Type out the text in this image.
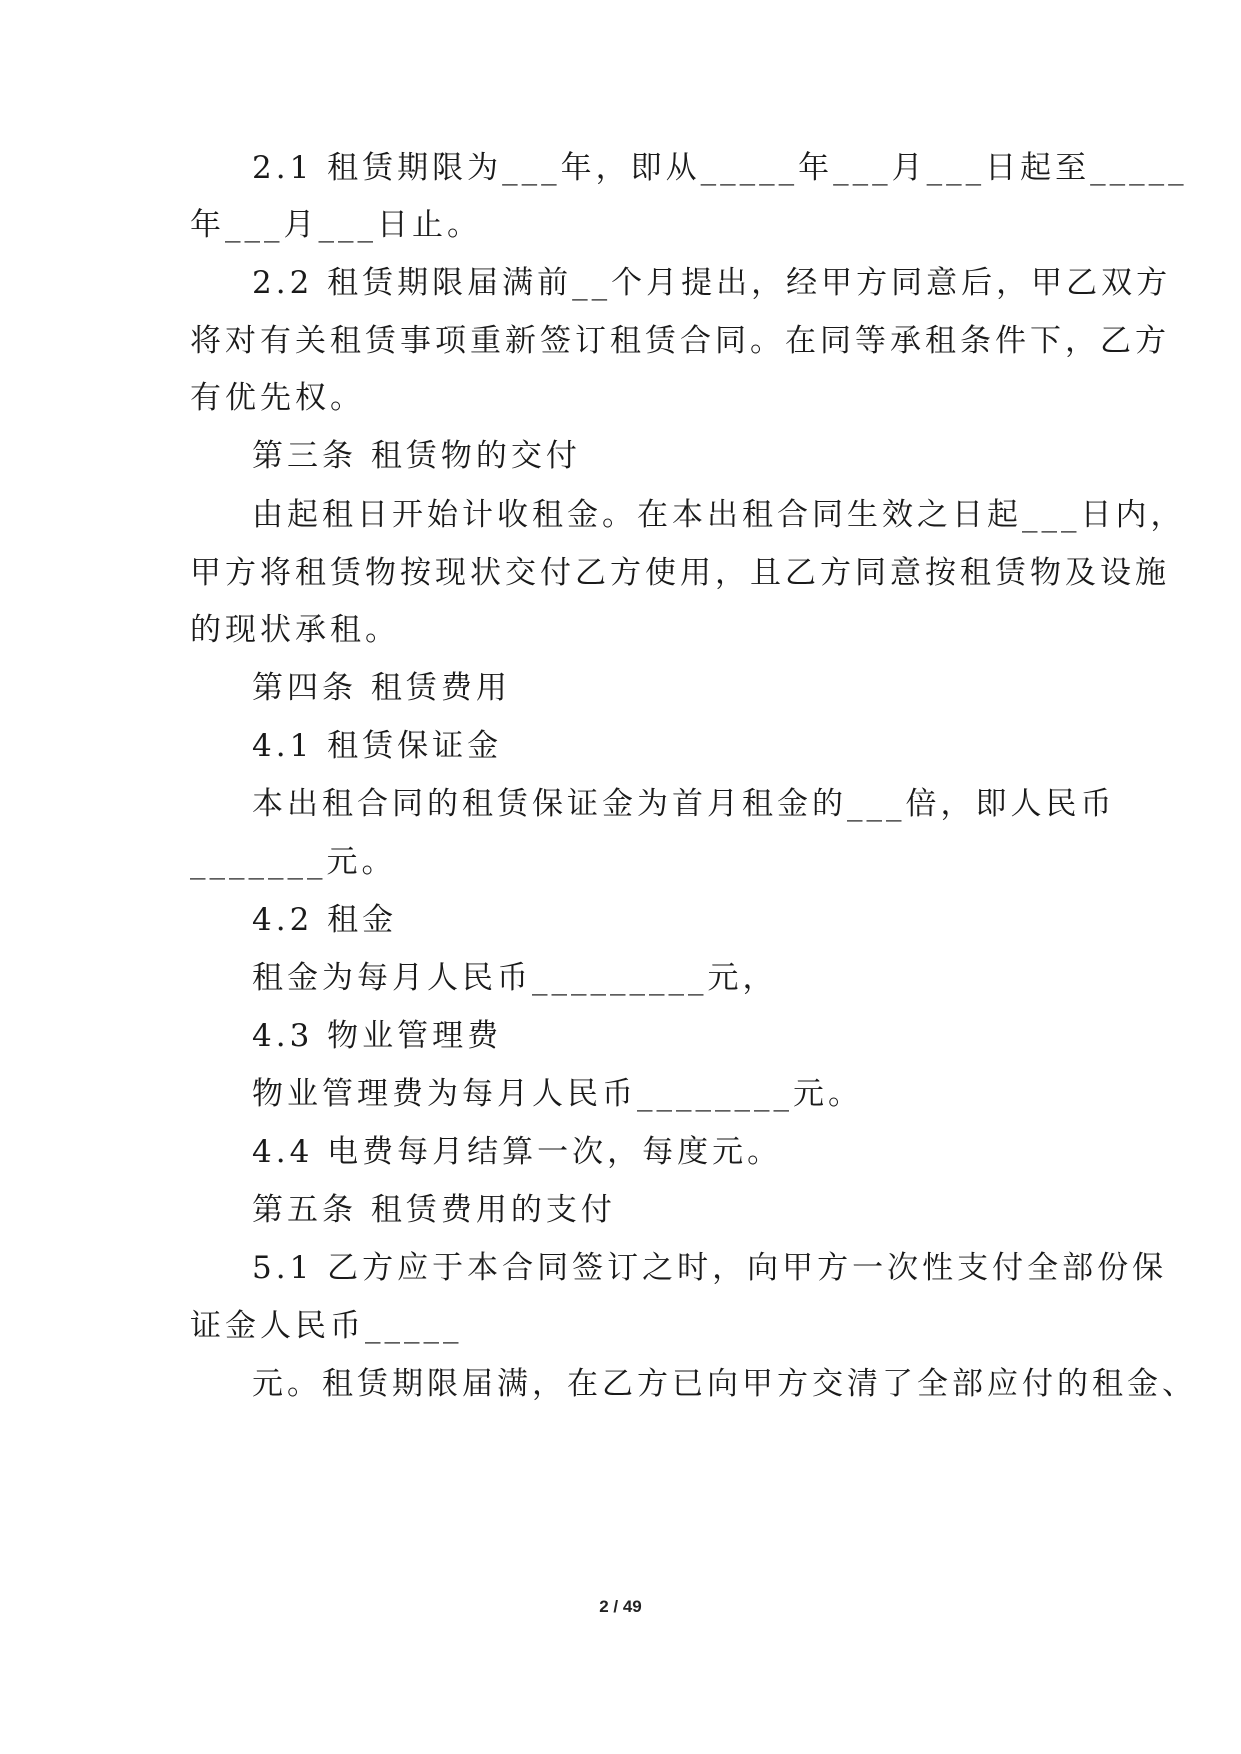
2.1 租赁期限为___年，即从_____年___月___日起至_____
年___月___日止。
2.2 租赁期限届满前__个月提出，经甲方同意后，甲乙双方
将对有关租赁事项重新签订租赁合同。在同等承租条件下，乙方
有优先权。
第三条 租赁物的交付
由起租日开始计收租金。在本出租合同生效之日起___日内，
甲方将租赁物按现状交付乙方使用，且乙方同意按租赁物及设施
的现状承租。
第四条 租赁费用
4.1 租赁保证金
本出租合同的租赁保证金为首月租金的___倍，即人民币
_______元。
4.2 租金
租金为每月人民币_________元，
4.3 物业管理费
物业管理费为每月人民币________元。
4.4 电费每月结算一次，每度元。
第五条 租赁费用的支付
5.1 乙方应于本合同签订之时，向甲方一次性支付全部份保
证金人民币_____
元。租赁期限届满，在乙方已向甲方交清了全部应付的租金、
2 / 49
